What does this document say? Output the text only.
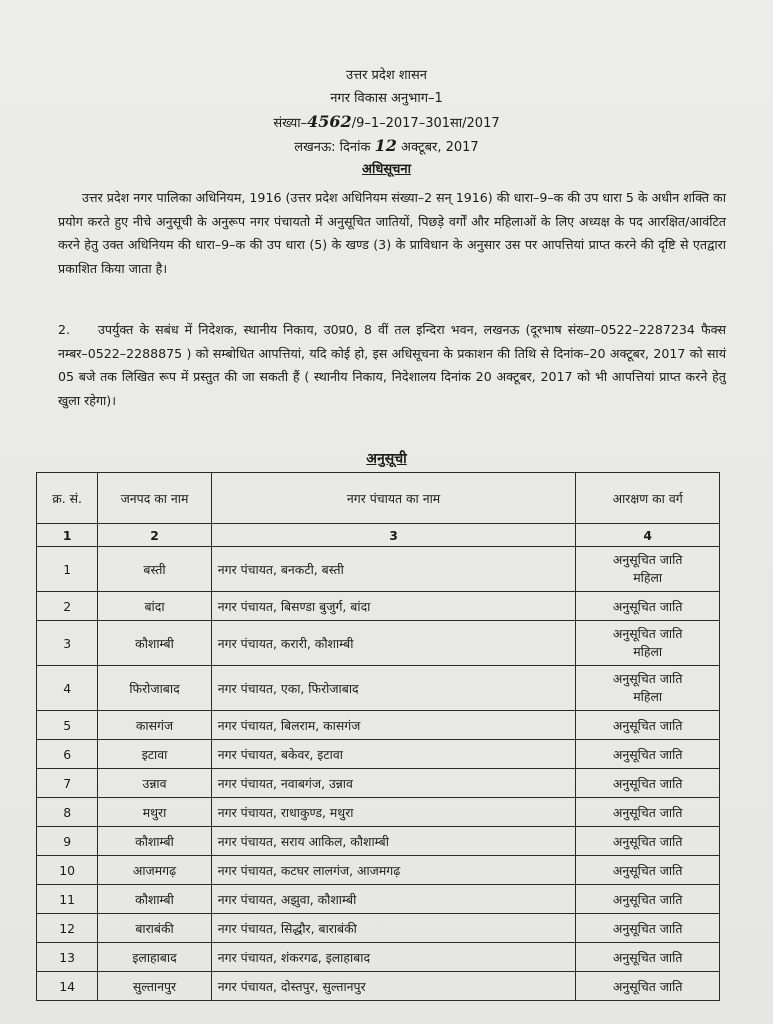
उत्तर प्रदेश शासन
नगर विकास अनुभाग–1
संख्या–4562/9–1–2017–301सा/2017
लखनऊ: दिनांक 12 अक्टूबर, 2017
अधिसूचना
उत्तर प्रदेश नगर पालिका अधिनियम, 1916 (उत्तर प्रदेश अधिनियम संख्या–2 सन् 1916) की धारा–9–क की उप धारा 5 के अधीन शक्ति का प्रयोग करते हुए नीचे अनुसूची के अनुरूप नगर पंचायतो में अनुसूचित जातियों, पिछड़े वर्गों और महिलाओं के लिए अध्यक्ष के पद आरक्षित/आवंटित करने हेतु उक्त अधिनियम की धारा–9–क की उप धारा (5) के खण्ड (3) के प्राविधान के अनुसार उस पर आपत्तियां प्राप्त करने की दृष्टि से एतद्वारा प्रकाशित किया जाता है।
2. उपर्युक्त के सबंध में निदेशक, स्थानीय निकाय, उ0प्र0, 8 वीं तल इन्दिरा भवन, लखनऊ (दूरभाष संख्या–0522–2287234 फैक्स नम्बर–0522–2288875 ) को सम्बोधित आपत्तियां, यदि कोई हो, इस अधिसूचना के प्रकाशन की तिथि से दिनांक–20 अक्टूबर, 2017 को सायं 05 बजे तक लिखित रूप में प्रस्तुत की जा सकती हैं ( स्थानीय निकाय, निदेशालय दिनांक 20 अक्टूबर, 2017 को भी आपत्तियां प्राप्त करने हेतु खुला रहेगा)।
अनुसूची
क्र. सं.	जनपद का नाम	नगर पंचायत का नाम	आरक्षण का वर्ग
1	2	3	4
1	बस्ती	नगर पंचायत, बनकटी, बस्ती	अनुसूचित जाति
महिला

2	बांदा	नगर पंचायत, बिसण्डा बुजुर्ग, बांदा	अनुसूचित जाति
3	कौशाम्बी	नगर पंचायत, करारी, कौशाम्बी	अनुसूचित जाति
महिला

4	फिरोजाबाद	नगर पंचायत, एका, फिरोजाबाद	अनुसूचित जाति
महिला

5	कासगंज	नगर पंचायत, बिलराम, कासगंज	अनुसूचित जाति
6	इटावा	नगर पंचायत, बकेवर, इटावा	अनुसूचित जाति
7	उन्नाव	नगर पंचायत, नवाबगंज, उन्नाव	अनुसूचित जाति
8	मथुरा	नगर पंचायत, राधाकुण्ड, मथुरा	अनुसूचित जाति
9	कौशाम्बी	नगर पंचायत, सराय आकिल, कौशाम्बी	अनुसूचित जाति
10	आजमगढ़	नगर पंचायत, कटघर लालगंज, आजमगढ़	अनुसूचित जाति
11	कौशाम्बी	नगर पंचायत, अझुवा, कौशाम्बी	अनुसूचित जाति
12	बाराबंकी	नगर पंचायत, सिद्धौर, बाराबंकी	अनुसूचित जाति
13	इलाहाबाद	नगर पंचायत, शंकरगढ, इलाहाबाद	अनुसूचित जाति
14	सुल्तानपुर	नगर पंचायत, दोस्तपुर, सुल्तानपुर	अनुसूचित जाति
